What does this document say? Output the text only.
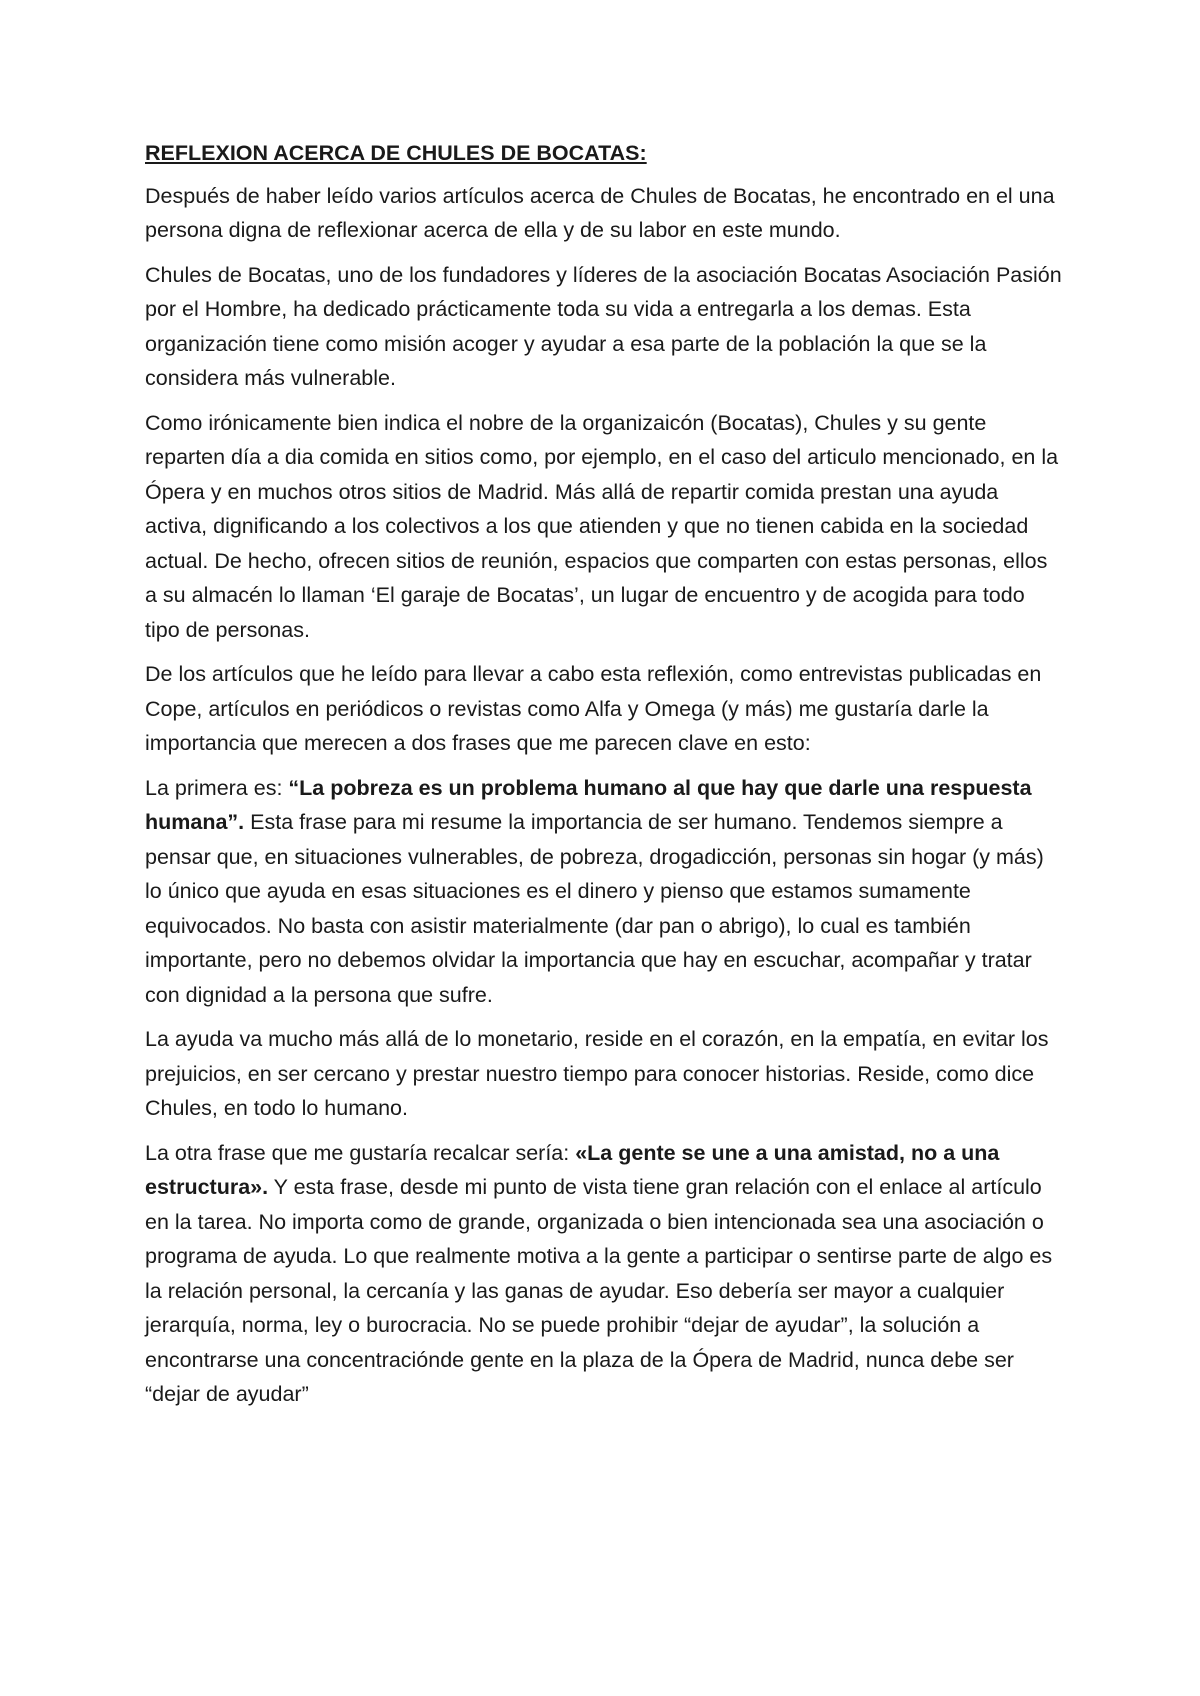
REFLEXION ACERCA DE CHULES DE BOCATAS:

Después de haber leído varios artículos acerca de Chules de Bocatas, he encontrado en el una persona digna de reflexionar acerca de ella y de su labor en este mundo.

Chules de Bocatas, uno de los fundadores y líderes de la asociación Bocatas Asociación Pasión por el Hombre, ha dedicado prácticamente toda su vida a entregarla a los demas. Esta organización tiene como misión acoger y ayudar a esa parte de la población la que se la considera más vulnerable.

Como irónicamente bien indica el nobre de la organizaicón (Bocatas), Chules y su gente reparten día a dia comida en sitios como, por ejemplo, en el caso del articulo mencionado, en la Ópera y en muchos otros sitios de Madrid. Más allá de repartir comida prestan una ayuda activa, dignificando a los colectivos a los que atienden y que no tienen cabida en la sociedad actual. De hecho, ofrecen sitios de reunión, espacios que comparten con estas personas, ellos a su almacén lo llaman ‘El garaje de Bocatas’, un lugar de encuentro y de acogida para todo tipo de personas.

De los artículos que he leído para llevar a cabo esta reflexión, como entrevistas publicadas en Cope, artículos en periódicos o revistas como Alfa y Omega (y más) me gustaría darle la importancia que merecen a dos frases que me parecen clave en esto:

La primera es: “La pobreza es un problema humano al que hay que darle una respuesta humana”. Esta frase para mi resume la importancia de ser humano. Tendemos siempre a pensar que, en situaciones vulnerables, de pobreza, drogadicción, personas sin hogar (y más) lo único que ayuda en esas situaciones es el dinero y pienso que estamos sumamente equivocados. No basta con asistir materialmente (dar pan o abrigo), lo cual es también importante, pero no debemos olvidar la importancia que hay en escuchar, acompañar y tratar con dignidad a la persona que sufre.

La ayuda va mucho más allá de lo monetario, reside en el corazón, en la empatía, en evitar los prejuicios, en ser cercano y prestar nuestro tiempo para conocer historias. Reside, como dice Chules, en todo lo humano.

La otra frase que me gustaría recalcar sería: «La gente se une a una amistad, no a una estructura». Y esta frase, desde mi punto de vista tiene gran relación con el enlace al artículo en la tarea. No importa como de grande, organizada o bien intencionada sea una asociación o programa de ayuda. Lo que realmente motiva a la gente a participar o sentirse parte de algo es la relación personal, la cercanía y las ganas de ayudar. Eso debería ser mayor a cualquier jerarquía, norma, ley o burocracia. No se puede prohibir “dejar de ayudar”, la solución a encontrarse una concentraciónde gente en la plaza de la Ópera de Madrid, nunca debe ser “dejar de ayudar”
